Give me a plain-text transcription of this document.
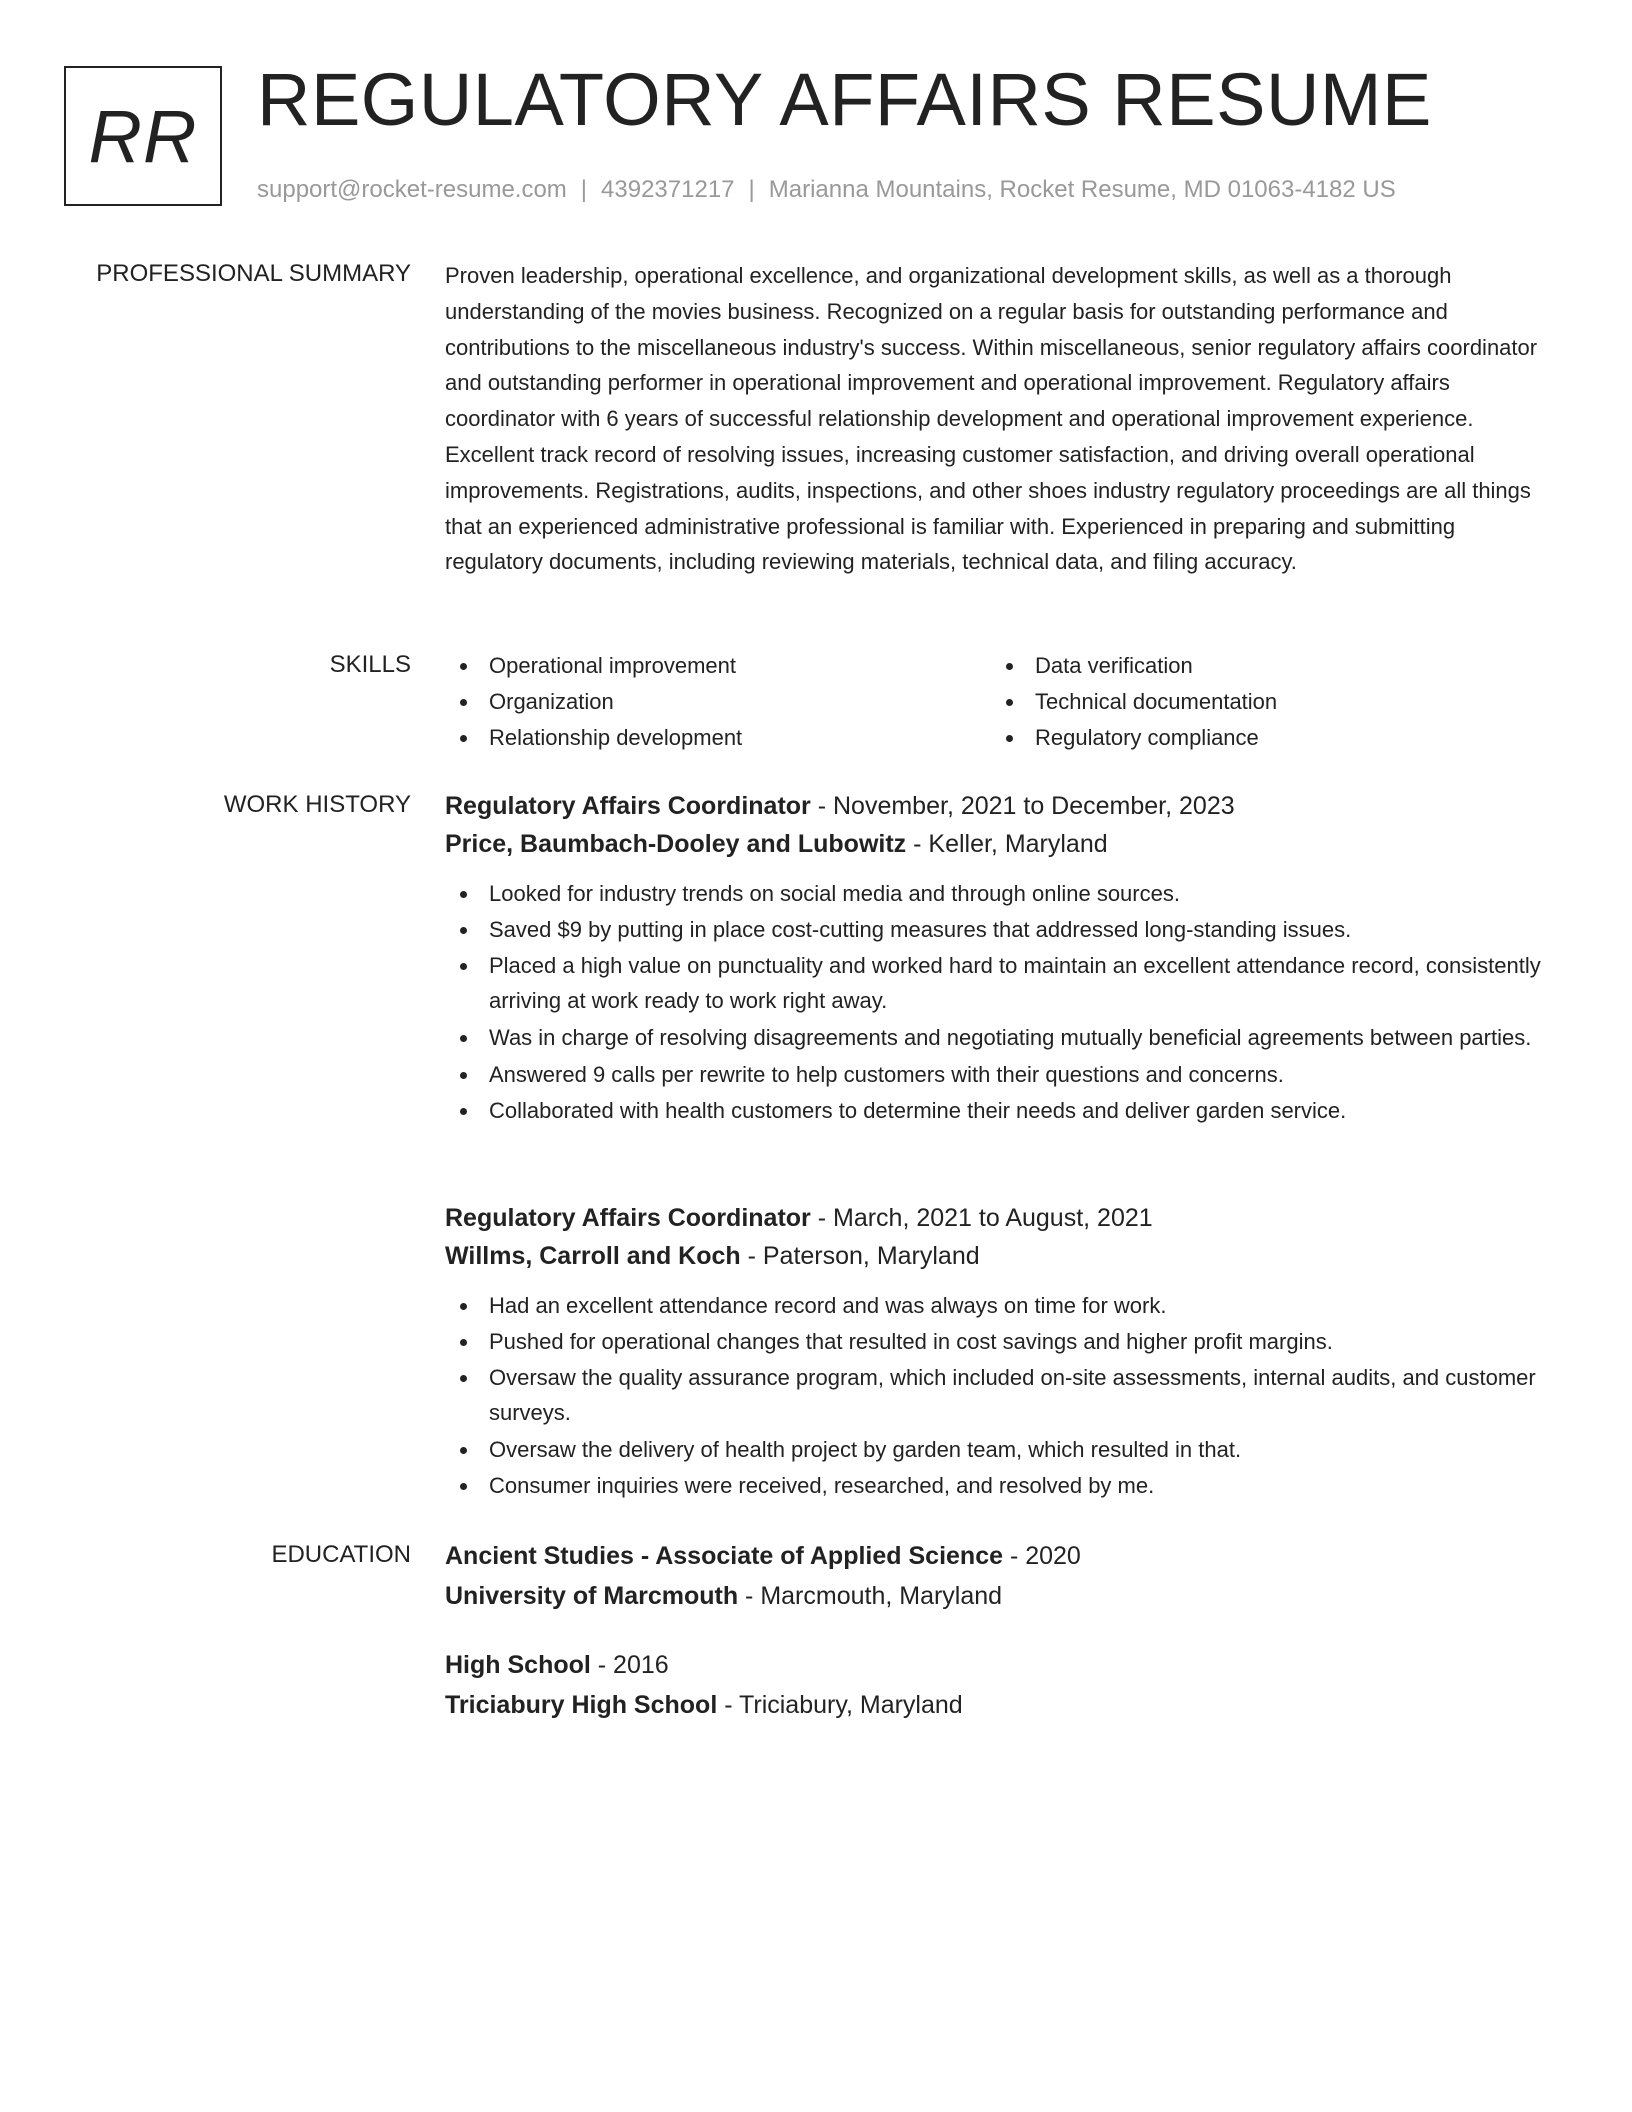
RR REGULATORY AFFAIRS RESUME
support@rocket-resume.com | 4392371217 | Marianna Mountains, Rocket Resume, MD 01063-4182 US
PROFESSIONAL SUMMARY Proven leadership, operational excellence, and organizational development skills, as well as a thorough understanding of the movies business. Recognized on a regular basis for outstanding performance and contributions to the miscellaneous industry's success. Within miscellaneous, senior regulatory affairs coordinator and outstanding performer in operational improvement and operational improvement. Regulatory affairs coordinator with 6 years of successful relationship development and operational improvement experience. Excellent track record of resolving issues, increasing customer satisfaction, and driving overall operational improvements. Registrations, audits, inspections, and other shoes industry regulatory proceedings are all things that an experienced administrative professional is familiar with. Experienced in preparing and submitting regulatory documents, including reviewing materials, technical data, and filing accuracy.

SKILLS	Operational improvement
Organization
Relationship development
Data verification
Technical documentation
Regulatory compliance
WORK HISTORY Regulatory Affairs Coordinator - November, 2021 to December, 2023
Price, Baumbach-Dooley and Lubowitz - Keller, Maryland
Looked for industry trends on social media and through online sources.
Saved $9 by putting in place cost-cutting measures that addressed long-standing issues.
Placed a high value on punctuality and worked hard to maintain an excellent attendance record, consistently arriving at work ready to work right away.
Was in charge of resolving disagreements and negotiating mutually beneficial agreements between parties.
Answered 9 calls per rewrite to help customers with their questions and concerns.
Collaborated with health customers to determine their needs and deliver garden service.
Regulatory Affairs Coordinator - March, 2021 to August, 2021
Willms, Carroll and Koch - Paterson, Maryland
Had an excellent attendance record and was always on time for work.
Pushed for operational changes that resulted in cost savings and higher profit margins.
Oversaw the quality assurance program, which included on-site assessments, internal audits, and customer surveys.
Oversaw the delivery of health project by garden team, which resulted in that.
Consumer inquiries were received, researched, and resolved by me.
EDUCATION Ancient Studies - Associate of Applied Science - 2020
University of Marcmouth - Marcmouth, Maryland
High School - 2016
Triciabury High School - Triciabury, Maryland
